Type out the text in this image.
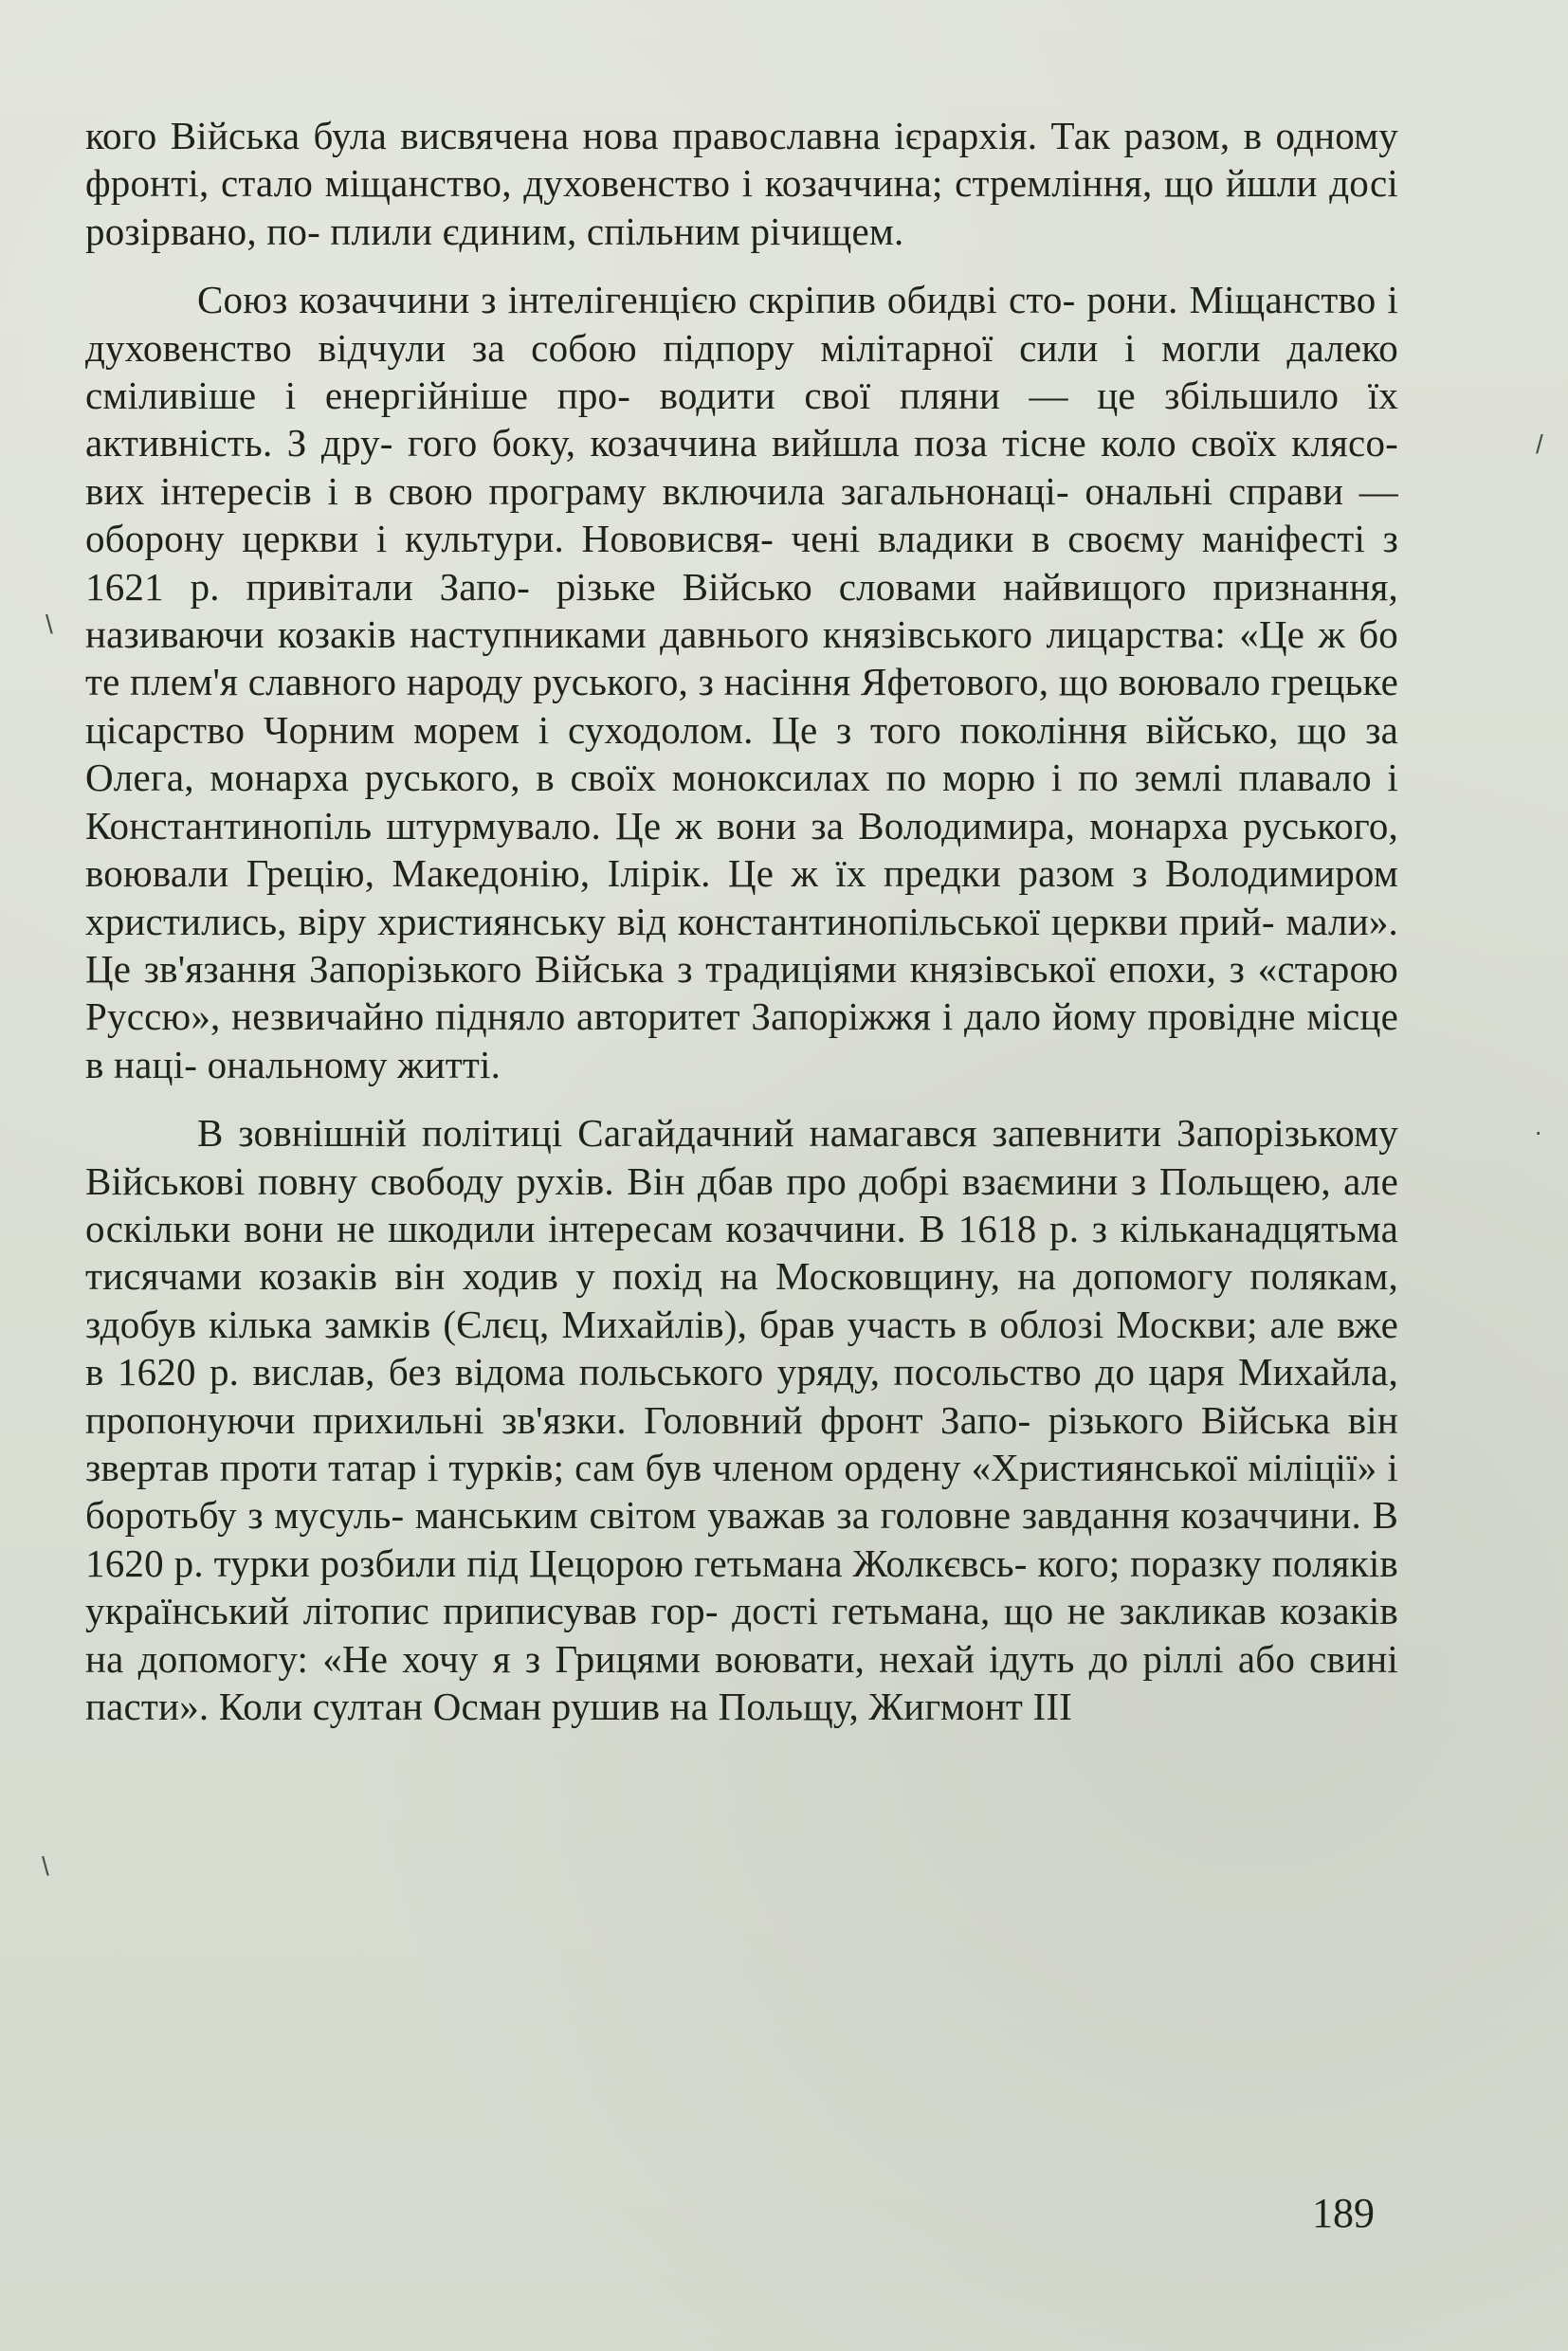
кого Війська була висвячена нова православна ієрархія. Так разом, в одному фронті, стало міщанство, духовенство і козаччина; стремління, що йшли досі розірвано, по- плили єдиним, спільним річищем.

Союз козаччини з інтелігенцією скріпив обидві сто- рони. Міщанство і духовенство відчули за собою підпору мілітарної сили і могли далеко сміливіше і енергійніше про- водити свої пляни — це збільшило їх активність. З дру- гого боку, козаччина вийшла поза тісне коло своїх клясо- вих інтересів і в свою програму включила загальнонаці- ональні справи — оборону церкви і культури. Нововисвя- чені владики в своєму маніфесті з 1621 р. привітали Запо- різьке Військо словами найвищого признання, називаючи козаків наступниками давнього князівського лицарства: «Це ж бо те плем'я славного народу руського, з насіння Яфетового, що воювало грецьке цісарство Чорним морем і суходолом. Це з того покоління військо, що за Олега, монарха руського, в своїх моноксилах по морю і по землі плавало і Константинопіль штурмувало. Це ж вони за Володимира, монарха руського, воювали Грецію, Македонію, Ілірік. Це ж їх предки разом з Володимиром христились, віру християнську від константинопільської церкви прий- мали». Це зв'язання Запорізького Війська з традиціями князівської епохи, з «старою Руссю», незвичайно підняло авторитет Запоріжжя і дало йому провідне місце в наці- ональному житті.

В зовнішній політиці Сагайдачний намагався запевнити Запорізькому Військові повну свободу рухів. Він дбав про добрі взаємини з Польщею, але оскільки вони не шкодили інтересам козаччини. В 1618 р. з кільканадцятьма тисячами козаків він ходив у похід на Московщину, на допомогу полякам, здобув кілька замків (Єлєц, Михайлів), брав участь в облозі Москви; але вже в 1620 р. вислав, без відома польського уряду, посольство до царя Михайла, пропонуючи прихильні зв'язки. Головний фронт Запо- різького Війська він звертав проти татар і турків; сам був членом ордену «Християнської міліції» і боротьбу з мусуль- манським світом уважав за головне завдання козаччини. В 1620 р. турки розбили під Цецорою гетьмана Жолкєвсь- кого; поразку поляків український літопис приписував гор- дості гетьмана, що не закликав козаків на допомогу: «Не хочу я з Грицями воювати, нехай ідуть до ріллі або свині пасти». Коли султан Осман рушив на Польщу, Жигмонт III

189
/
·
\
\
